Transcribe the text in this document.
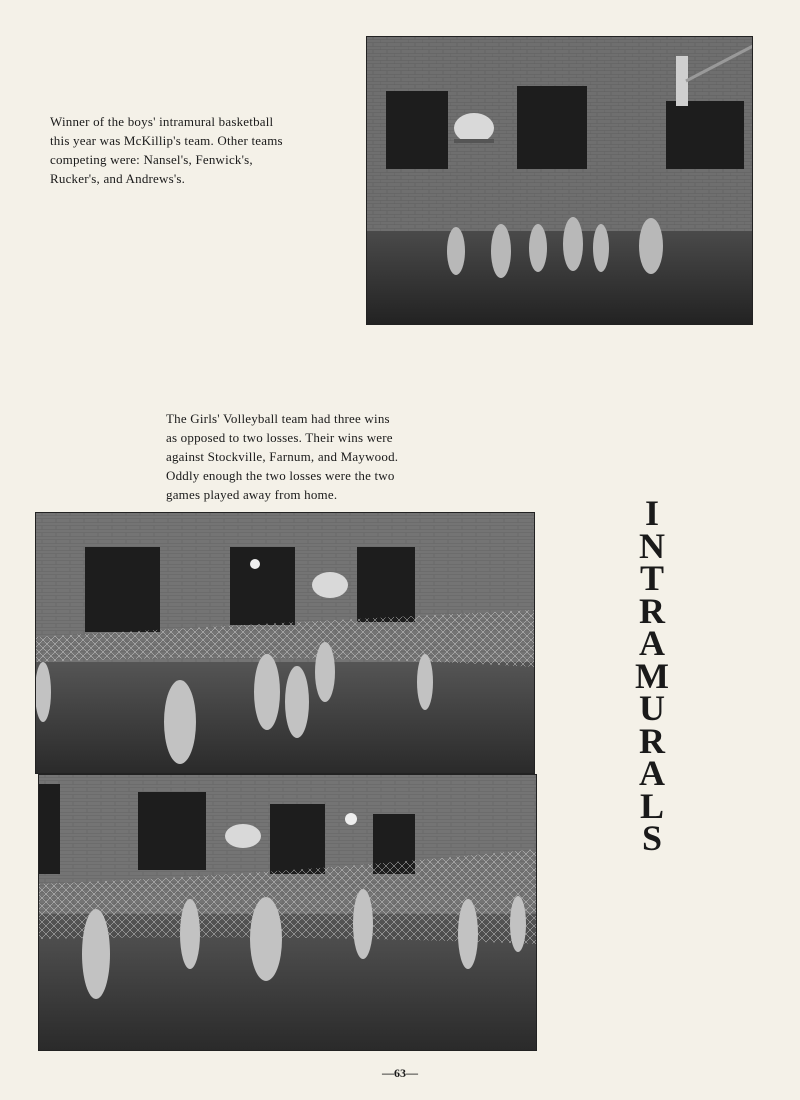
Winner of the boys' intramural basketball
this year was McKillip's team. Other teams
competing were: Nansel's, Fenwick's,
Rucker's, and Andrews's.
The Girls' Volleyball team had three wins
as opposed to two losses. Their wins were
against Stockville, Farnum, and Maywood.
Oddly enough the two losses were the two
games played away from home.	I
N
T
R
A
M
U
R
A
L
S
—63—
